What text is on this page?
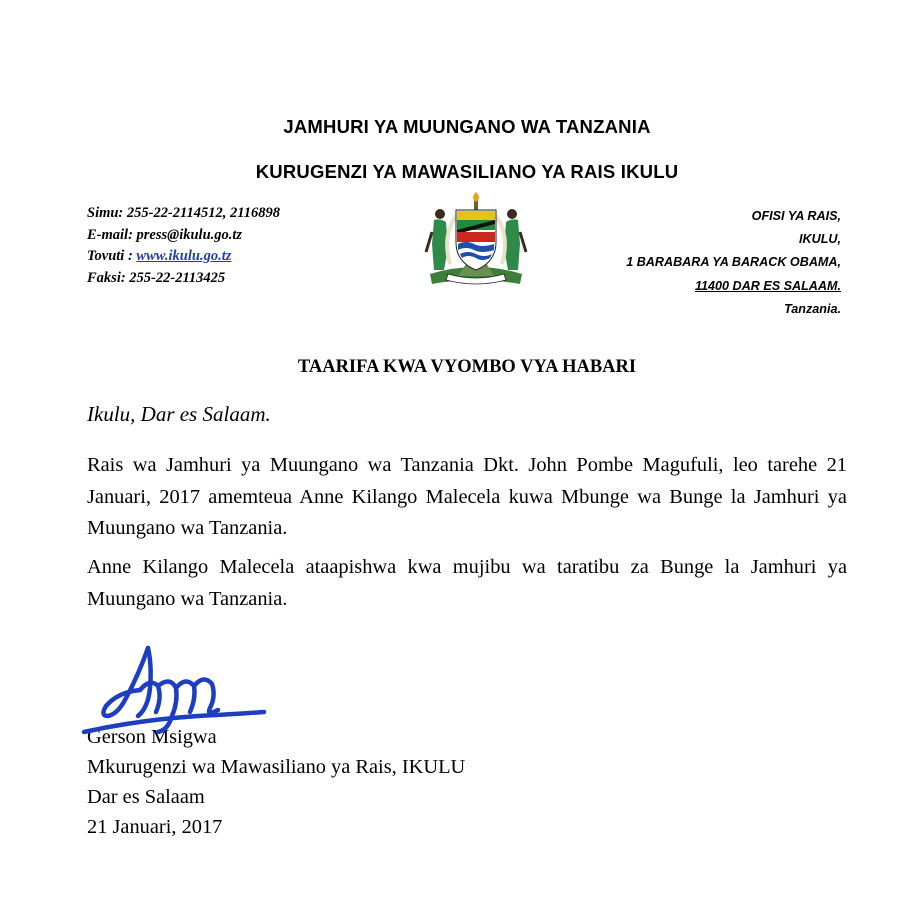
JAMHURI YA MUUNGANO WA TANZANIA
KURUGENZI YA MAWASILIANO YA RAIS IKULU
Simu: 255-22-2114512, 2116898
E-mail: press@ikulu.go.tz
Tovuti : www.ikulu.go.tz
Faksi: 255-22-2113425
OFISI YA RAIS,
IKULU,
1 BARABARA YA BARACK OBAMA,
11400 DAR ES SALAAM.
Tanzania.
TAARIFA KWA VYOMBO VYA HABARI
Ikulu, Dar es Salaam.
Rais wa Jamhuri ya Muungano wa Tanzania Dkt. John Pombe Magufuli, leo tarehe 21 Januari, 2017 amemteua Anne Kilango Malecela kuwa Mbunge wa Bunge la Jamhuri ya Muungano wa Tanzania.
Anne Kilango Malecela ataapishwa kwa mujibu wa taratibu za Bunge la Jamhuri ya Muungano wa Tanzania.
Gerson Msigwa
Mkurugenzi wa Mawasiliano ya Rais, IKULU
Dar es Salaam
21 Januari, 2017
